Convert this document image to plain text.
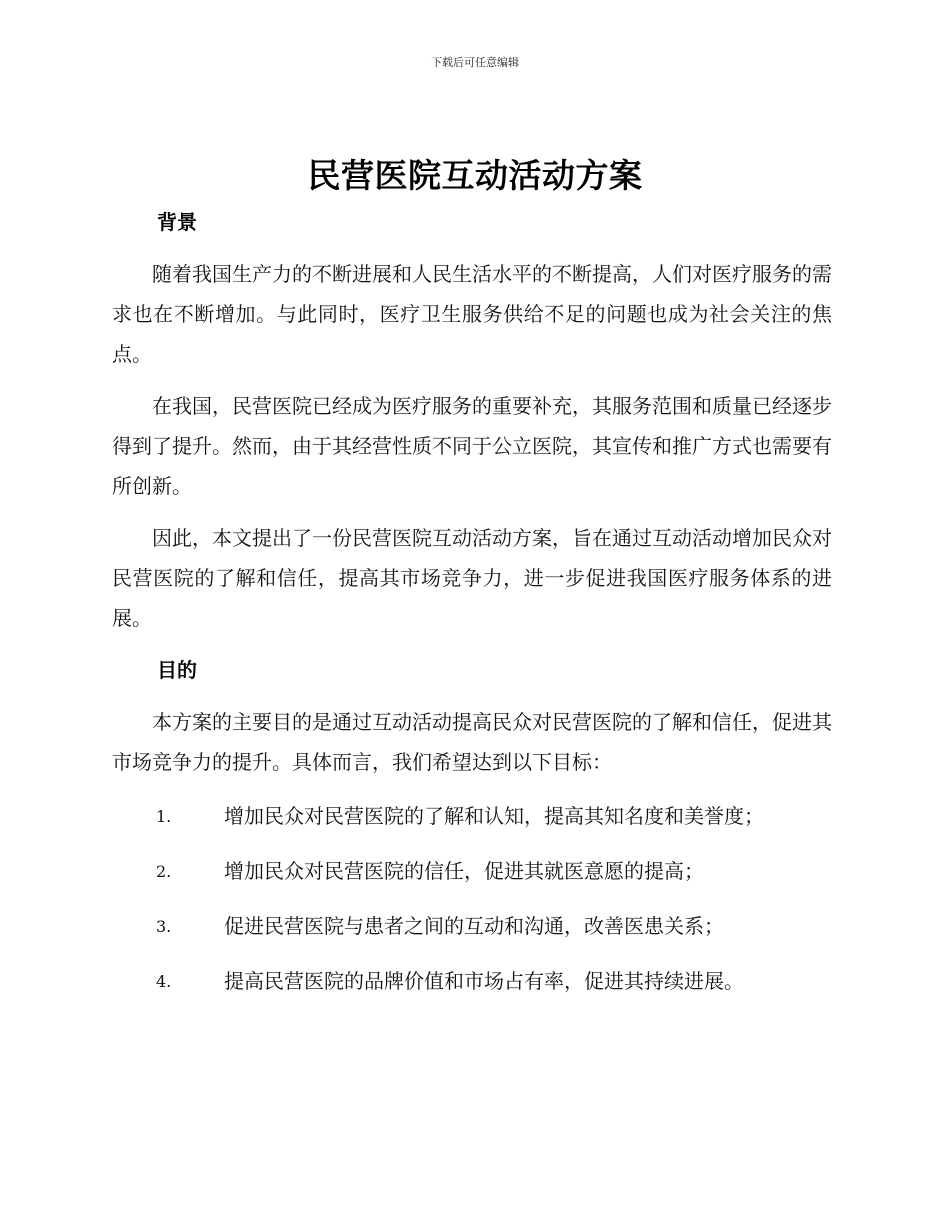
下载后可任意编辑
民营医院互动活动方案
背景

随着我国生产力的不断进展和人民生活水平的不断提高，人们对医疗服务的需求也在不断增加。与此同时，医疗卫生服务供给不足的问题也成为社会关注的焦点。

在我国，民营医院已经成为医疗服务的重要补充，其服务范围和质量已经逐步得到了提升。然而，由于其经营性质不同于公立医院，其宣传和推广方式也需要有所创新。

因此，本文提出了一份民营医院互动活动方案，旨在通过互动活动增加民众对民营医院的了解和信任，提高其市场竞争力，进一步促进我国医疗服务体系的进展。

目的

本方案的主要目的是通过互动活动提高民众对民营医院的了解和信任，促进其市场竞争力的提升。具体而言，我们希望达到以下目标：

1.	增加民众对民营医院的了解和认知，提高其知名度和美誉度；
2.	增加民众对民营医院的信任，促进其就医意愿的提高；
3.	促进民营医院与患者之间的互动和沟通，改善医患关系；
4.	提高民营医院的品牌价值和市场占有率，促进其持续进展。
